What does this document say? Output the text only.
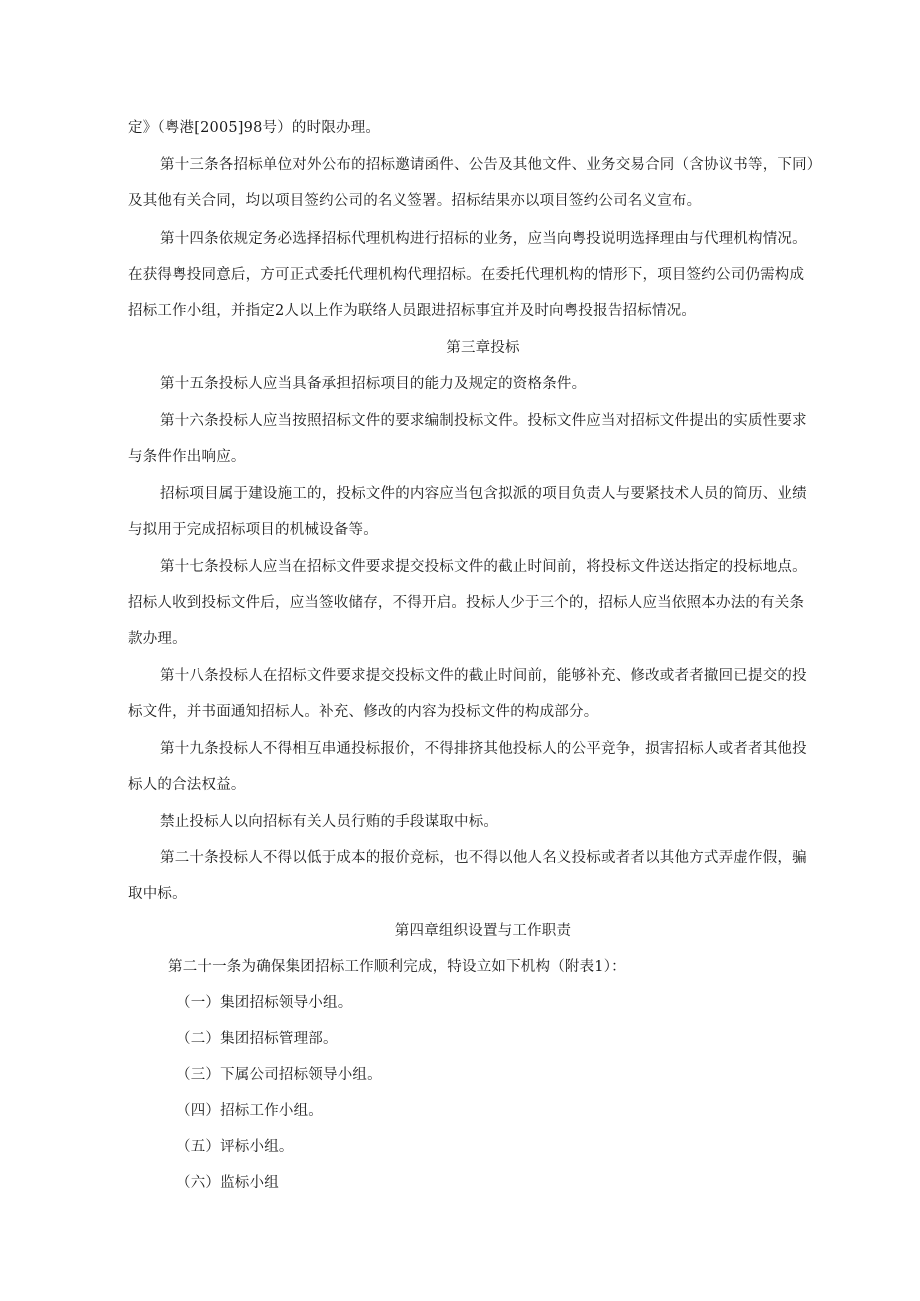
定》（粤港[2005]98号）的时限办理。
第十三条各招标单位对外公布的招标邀请函件、公告及其他文件、业务交易合同（含协议书等，下同）
及其他有关合同，均以项目签约公司的名义签署。招标结果亦以项目签约公司名义宣布。
第十四条依规定务必选择招标代理机构进行招标的业务，应当向粤投说明选择理由与代理机构情况。
在获得粤投同意后，方可正式委托代理机构代理招标。在委托代理机构的情形下，项目签约公司仍需构成
招标工作小组，并指定2人以上作为联络人员跟进招标事宜并及时向粤投报告招标情况。
第三章投标
第十五条投标人应当具备承担招标项目的能力及规定的资格条件。
第十六条投标人应当按照招标文件的要求编制投标文件。投标文件应当对招标文件提出的实质性要求
与条件作出响应。
招标项目属于建设施工的，投标文件的内容应当包含拟派的项目负责人与要紧技术人员的简历、业绩
与拟用于完成招标项目的机械设备等。
第十七条投标人应当在招标文件要求提交投标文件的截止时间前，将投标文件送达指定的投标地点。
招标人收到投标文件后，应当签收储存，不得开启。投标人少于三个的，招标人应当依照本办法的有关条
款办理。
第十八条投标人在招标文件要求提交投标文件的截止时间前，能够补充、修改或者者撤回已提交的投
标文件，并书面通知招标人。补充、修改的内容为投标文件的构成部分。
第十九条投标人不得相互串通投标报价，不得排挤其他投标人的公平竞争，损害招标人或者者其他投
标人的合法权益。
禁止投标人以向招标有关人员行贿的手段谋取中标。
第二十条投标人不得以低于成本的报价竞标，也不得以他人名义投标或者者以其他方式弄虚作假，骗
取中标。
第四章组织设置与工作职责
第二十一条为确保集团招标工作顺利完成，特设立如下机构（附表1）：
（一）集团招标领导小组。
（二）集团招标管理部。
（三）下属公司招标领导小组。
（四）招标工作小组。
（五）评标小组。
（六）监标小组
